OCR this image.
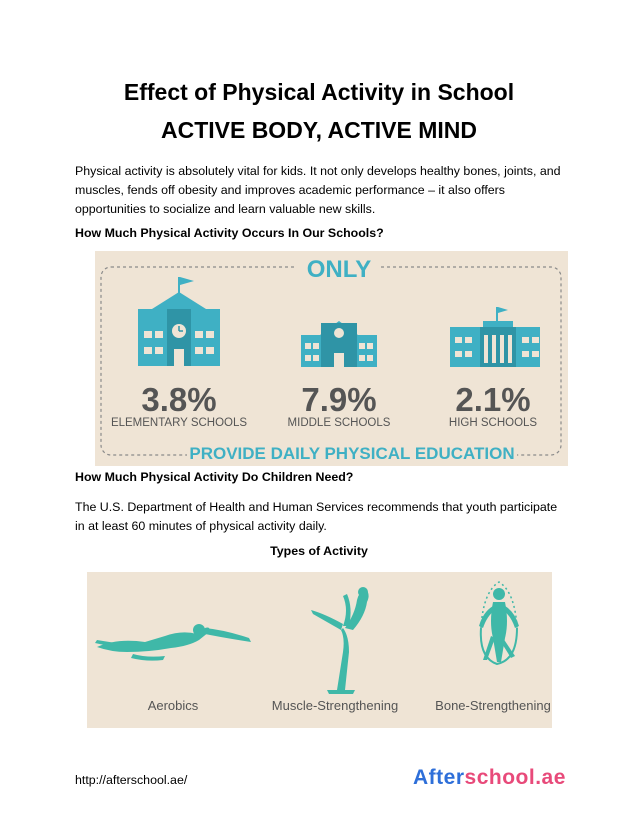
Effect of Physical Activity in School
ACTIVE BODY, ACTIVE MIND
Physical activity is absolutely vital for kids. It not only develops healthy bones, joints, and muscles, fends off obesity and improves academic performance – it also offers opportunities to socialize and learn valuable new skills.
How Much Physical Activity Occurs In Our Schools?
ONLY
PROVIDE DAILY PHYSICAL EDUCATION
3.8%	7.9% 2.1%
ELEMENTARY SCHOOLS	MIDDLE SCHOOLS	HIGH SCHOOLS
How Much Physical Activity Do Children Need?
The U.S. Department of Health and Human Services recommends that youth participate in at least 60 minutes of physical activity daily.
Types of Activity
Aerobics	Muscle-Strengthening	Bone-Strengthening
http://afterschool.ae/	Afterschool.ae
